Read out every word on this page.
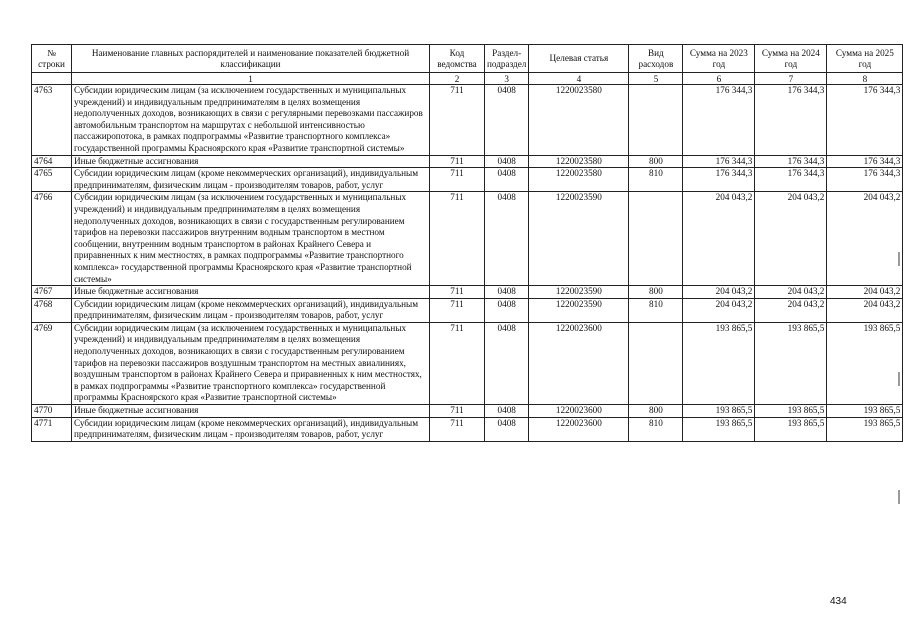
№ строки	Наименование главных распорядителей и наименование показателей бюджетной классификации	Код ведомства	Раздел-подраздел	Целевая статья	Вид расходов	Сумма на 2023 год	Сумма на 2024 год	Сумма на 2025 год
	1	2	3	4	5	6	7	8
4763	Субсидии юридическим лицам (за исключением государственных и муниципальных учреждений) и индивидуальным предпринимателям в целях возмещения недополученных доходов, возникающих в связи с регулярными перевозками пассажиров автомобильным транспортом на маршрутах с небольшой интенсивностью пассажиропотока, в рамках подпрограммы «Развитие транспортного комплекса» государственной программы Красноярского края «Развитие транспортной системы»	711	0408	1220023580		176 344,3	176 344,3	176 344,3
4764	Иные бюджетные ассигнования	711	0408	1220023580	800	176 344,3	176 344,3	176 344,3
4765	Субсидии юридическим лицам (кроме некоммерческих организаций), индивидуальным предпринимателям, физическим лицам - производителям товаров, работ, услуг	711	0408	1220023580	810	176 344,3	176 344,3	176 344,3
4766	Субсидии юридическим лицам (за исключением государственных и муниципальных учреждений) и индивидуальным предпринимателям в целях возмещения недополученных доходов, возникающих в связи с государственным регулированием тарифов на перевозки пассажиров внутренним водным транспортом в местном сообщении, внутренним водным транспортом в районах Крайнего Севера и приравненных к ним местностях, в рамках подпрограммы «Развитие транспортного комплекса» государственной программы Красноярского края «Развитие транспортной системы»	711	0408	1220023590		204 043,2	204 043,2	204 043,2
4767	Иные бюджетные ассигнования	711	0408	1220023590	800	204 043,2	204 043,2	204 043,2
4768	Субсидии юридическим лицам (кроме некоммерческих организаций), индивидуальным предпринимателям, физическим лицам - производителям товаров, работ, услуг	711	0408	1220023590	810	204 043,2	204 043,2	204 043,2
4769	Субсидии юридическим лицам (за исключением государственных и муниципальных учреждений) и индивидуальным предпринимателям в целях возмещения недополученных доходов, возникающих в связи с государственным регулированием тарифов на перевозки пассажиров воздушным транспортом на местных авиалиниях, воздушным транспортом в районах Крайнего Севера и приравненных к ним местностях, в рамках подпрограммы «Развитие транспортного комплекса» государственной программы Красноярского края «Развитие транспортной системы»	711	0408	1220023600		193 865,5	193 865,5	193 865,5
4770	Иные бюджетные ассигнования	711	0408	1220023600	800	193 865,5	193 865,5	193 865,5
4771	Субсидии юридическим лицам (кроме некоммерческих организаций), индивидуальным предпринимателям, физическим лицам - производителям товаров, работ, услуг	711	0408	1220023600	810	193 865,5	193 865,5	193 865,5
434
